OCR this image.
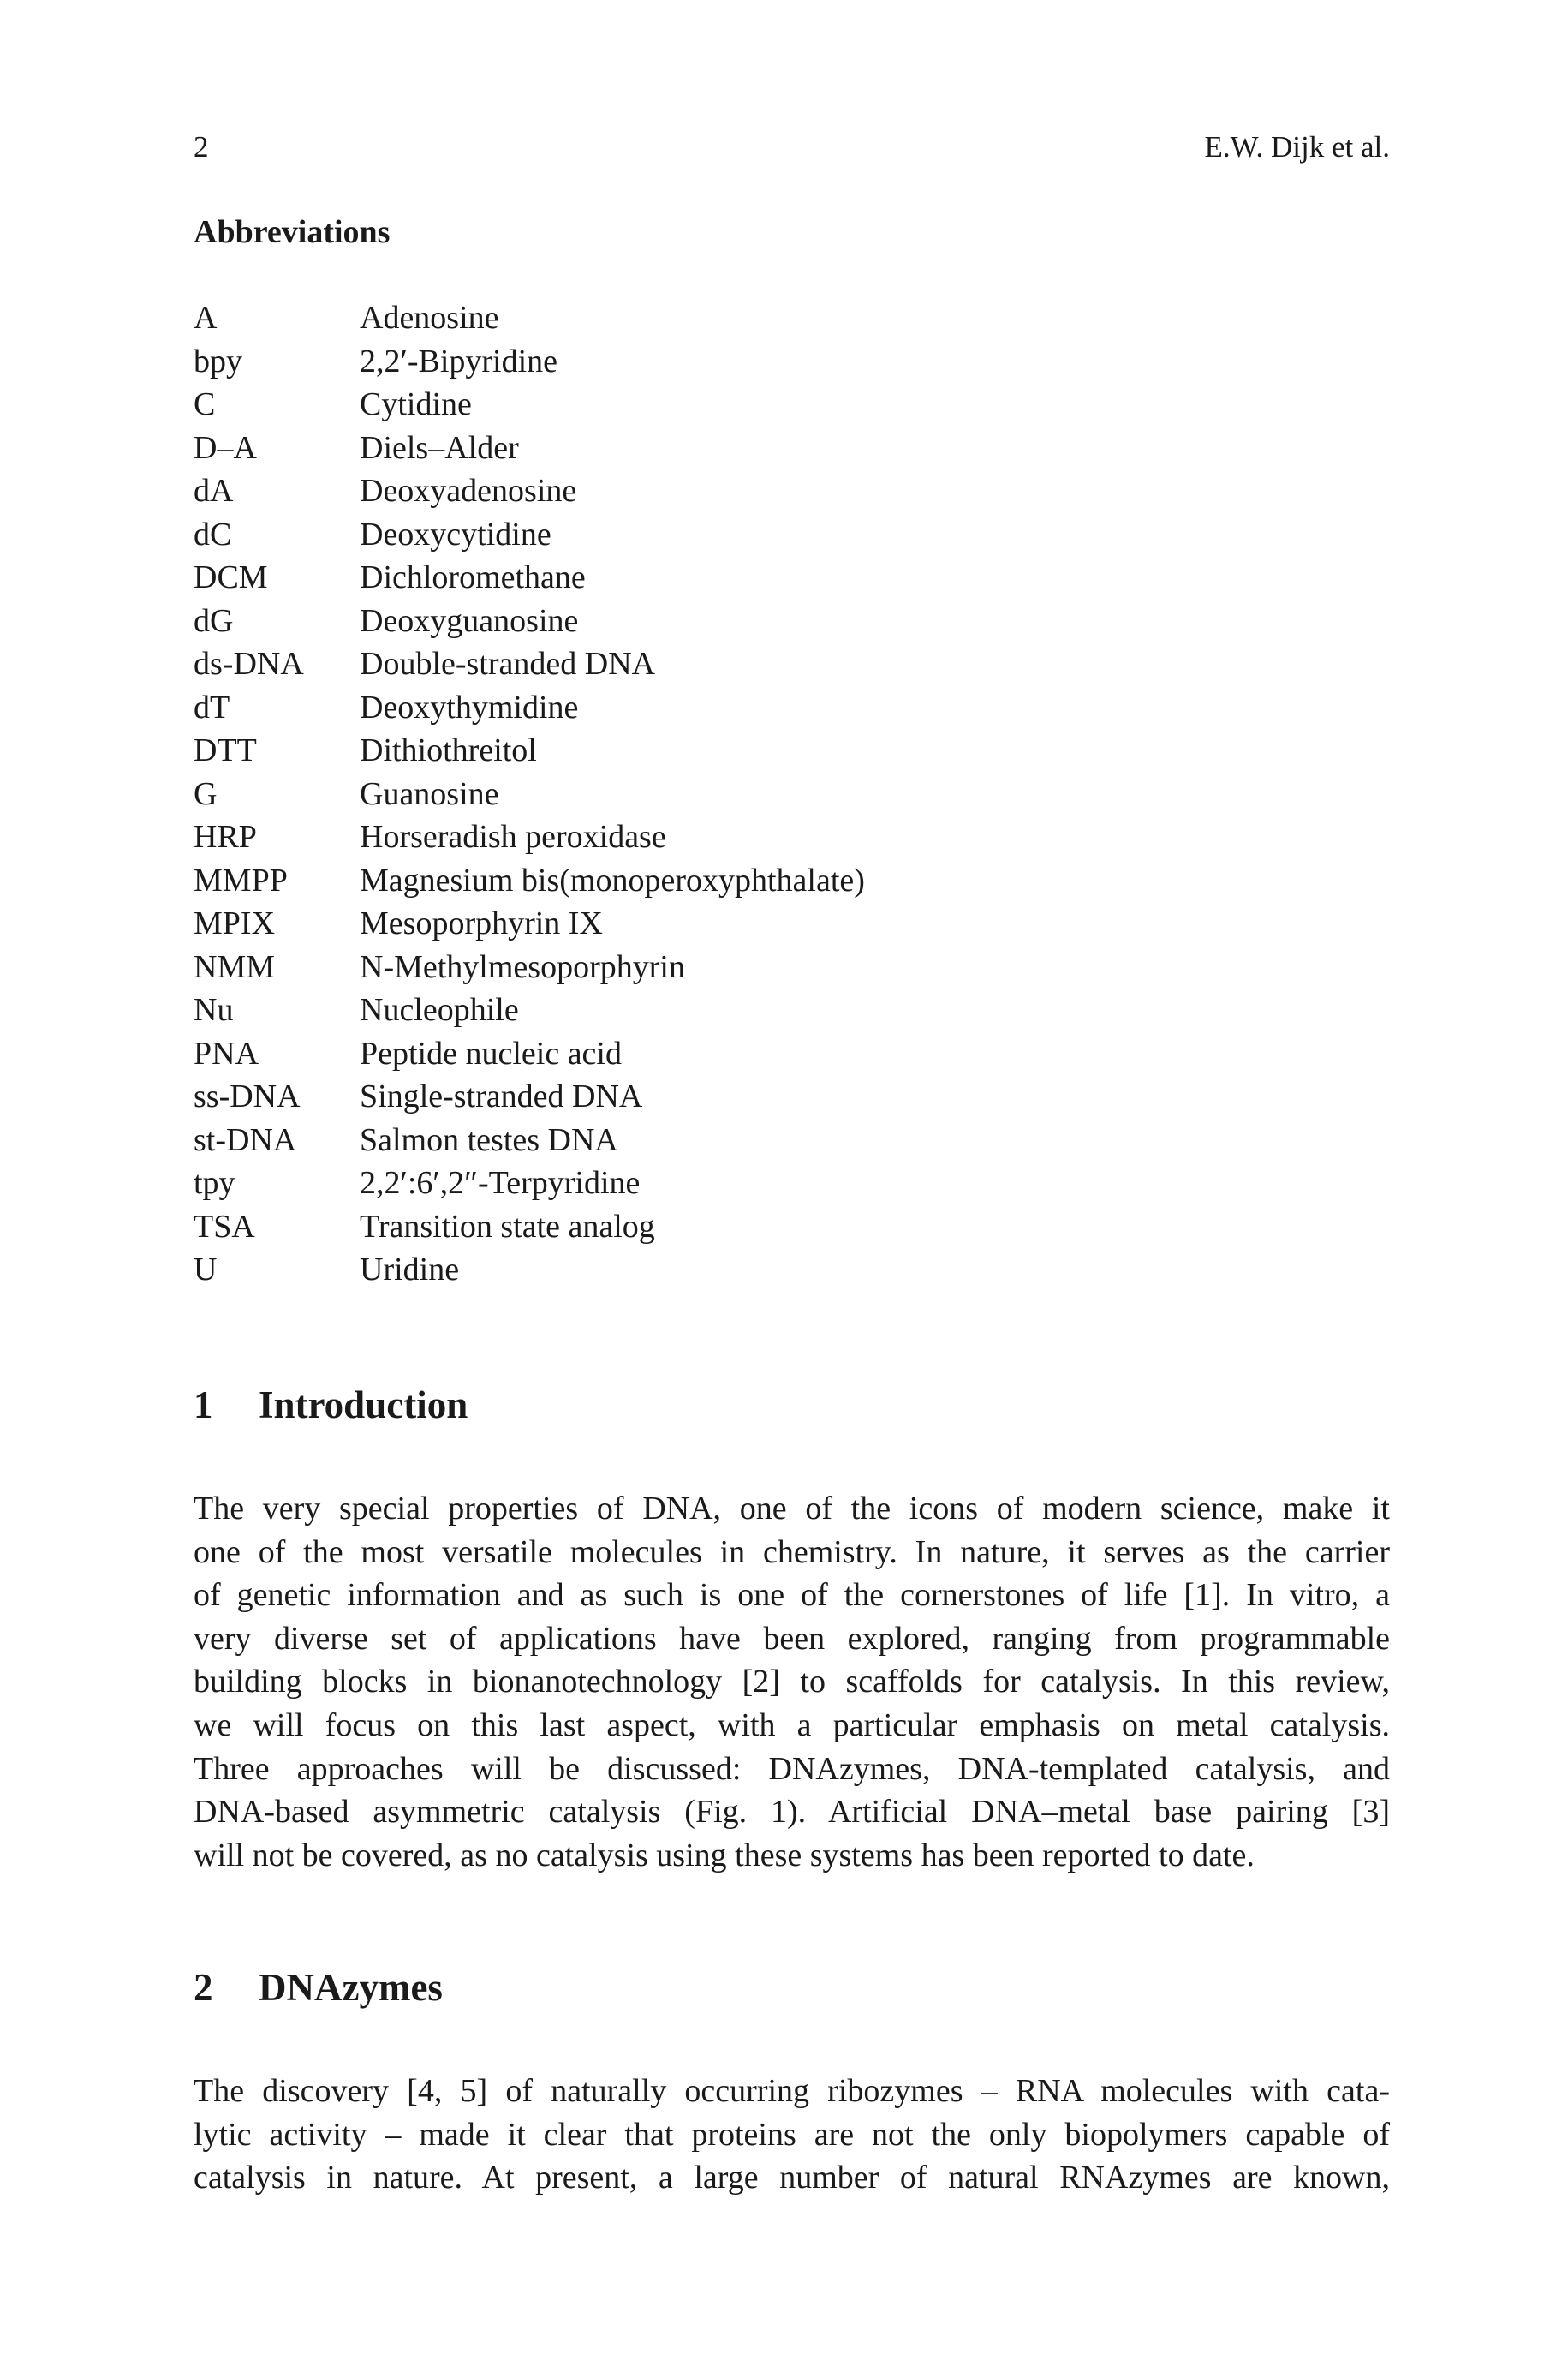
2	E.W. Dijk et al.
Abbreviations
A	Adenosine
bpy	2,2′-Bipyridine
C	Cytidine
D–A	Diels–Alder
dA	Deoxyadenosine
dC	Deoxycytidine
DCM	Dichloromethane
dG	Deoxyguanosine
ds-DNA Double-stranded DNA
dT	Deoxythymidine
DTT	Dithiothreitol
G	Guanosine
HRP	Horseradish peroxidase
MMPP Magnesium bis(monoperoxyphthalate)
MPIX	Mesoporphyrin IX
NMM	N-Methylmesoporphyrin
Nu	Nucleophile
PNA	Peptide nucleic acid
ss-DNA Single-stranded DNA
st-DNA Salmon testes DNA
tpy	2,2′:6′,2″-Terpyridine
TSA	Transition state analog
U	Uridine
1 Introduction
The very special properties of DNA, one of the icons of modern science, make it
one of the most versatile molecules in chemistry. In nature, it serves as the carrier
of genetic information and as such is one of the cornerstones of life [1]. In vitro, a
very diverse set of applications have been explored, ranging from programmable
building blocks in bionanotechnology [2] to scaffolds for catalysis. In this review,
we will focus on this last aspect, with a particular emphasis on metal catalysis.
Three approaches will be discussed: DNAzymes, DNA-templated catalysis, and
DNA-based asymmetric catalysis (Fig. 1). Artificial DNA–metal base pairing [3]
will not be covered, as no catalysis using these systems has been reported to date.
2 DNAzymes
The discovery [4, 5] of naturally occurring ribozymes – RNA molecules with cata-
lytic activity – made it clear that proteins are not the only biopolymers capable of
catalysis in nature. At present, a large number of natural RNAzymes are known,
